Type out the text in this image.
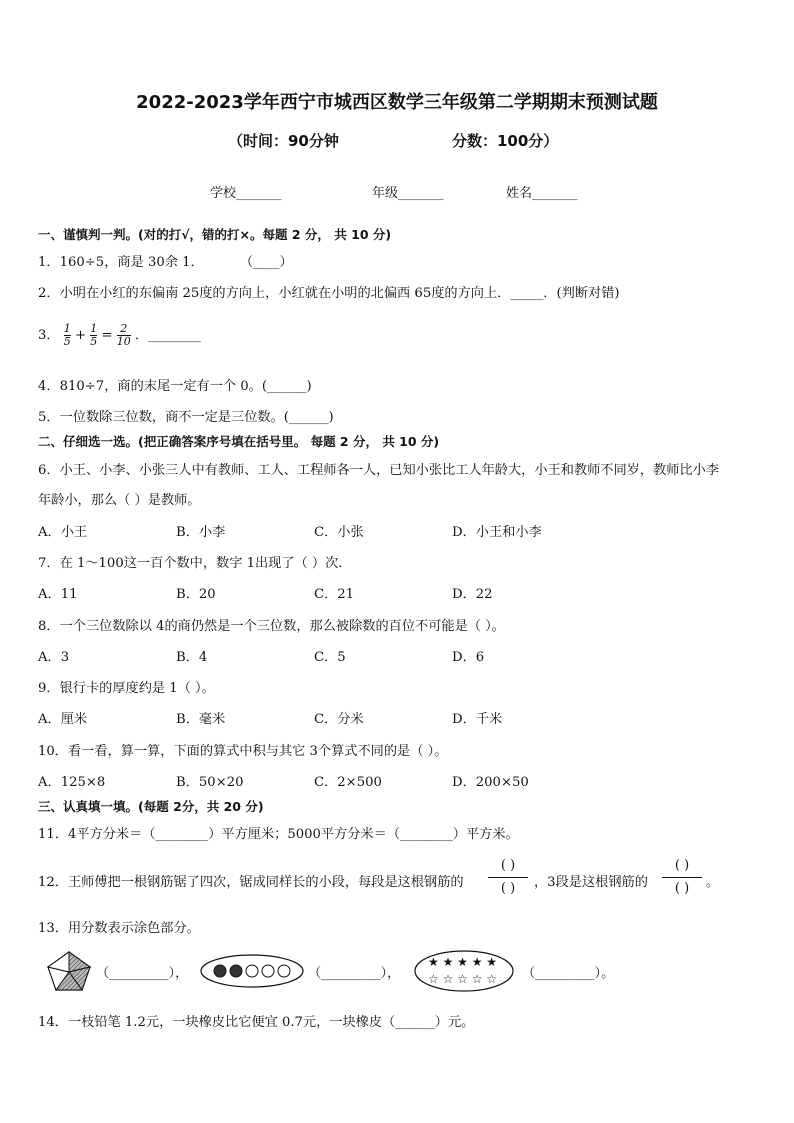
2022-2023学年西宁市城西区数学三年级第二学期期末预测试题
（时间：90分钟	分数：100分）
学校_______	年级_______	姓名_______
一、谨慎判一判。(对的打√，错的打×。每题 2 分， 共 10 分)
1．160÷5，商是 30余 1．	（____）
2．小明在小红的东偏南 25度的方向上，小红就在小明的北偏西 65度的方向上．_____．(判断对错)
3． $\frac{1}{5} + \frac{1}{5} = \frac{2}{10}$ ．________
4．810÷7，商的末尾一定有一个 0。(______)
5．一位数除三位数，商不一定是三位数。(______)
二、仔细选一选。(把正确答案序号填在括号里。 每题 2 分， 共 10 分)
6．小王、小李、小张三人中有教师、工人、工程师各一人，已知小张比工人年龄大，小王和教师不同岁，教师比小李
年龄小，那么（ ）是教师。
A．小王	B．小李	C．小张	D．小王和小李
7．在 1～100这一百个数中，数字 1出现了（ ）次．
A．11	B．20	C．21	D．22
8．一个三位数除以 4的商仍然是一个三位数，那么被除数的百位不可能是（ ）。
A．3	B．4	C．5	D．6
9．银行卡的厚度约是 1（ ）。
A．厘米	B．毫米	C．分米	D．千米
10．看一看，算一算，下面的算式中积与其它 3个算式不同的是（ ）。
A．125×8	B．50×20	C．2×500	D．200×50
三、认真填一填。(每题 2分，共 20 分)
11．4平方分米＝（________）平方厘米；5000平方分米＝（________）平方米。
12．王师傅把一根钢筋锯了四次，锯成同样长的小段，每段是这根钢筋的
( )
( )	，3段是这根钢筋的
( )
( )	。
13．用分数表示涂色部分。
（_________），	（_________），
★ ★ ★ ★ ★
☆ ☆ ☆ ☆ ☆ （_________）。
14．一枝铅笔 1.2元，一块橡皮比它便宜 0.7元，一块橡皮（______）元。
